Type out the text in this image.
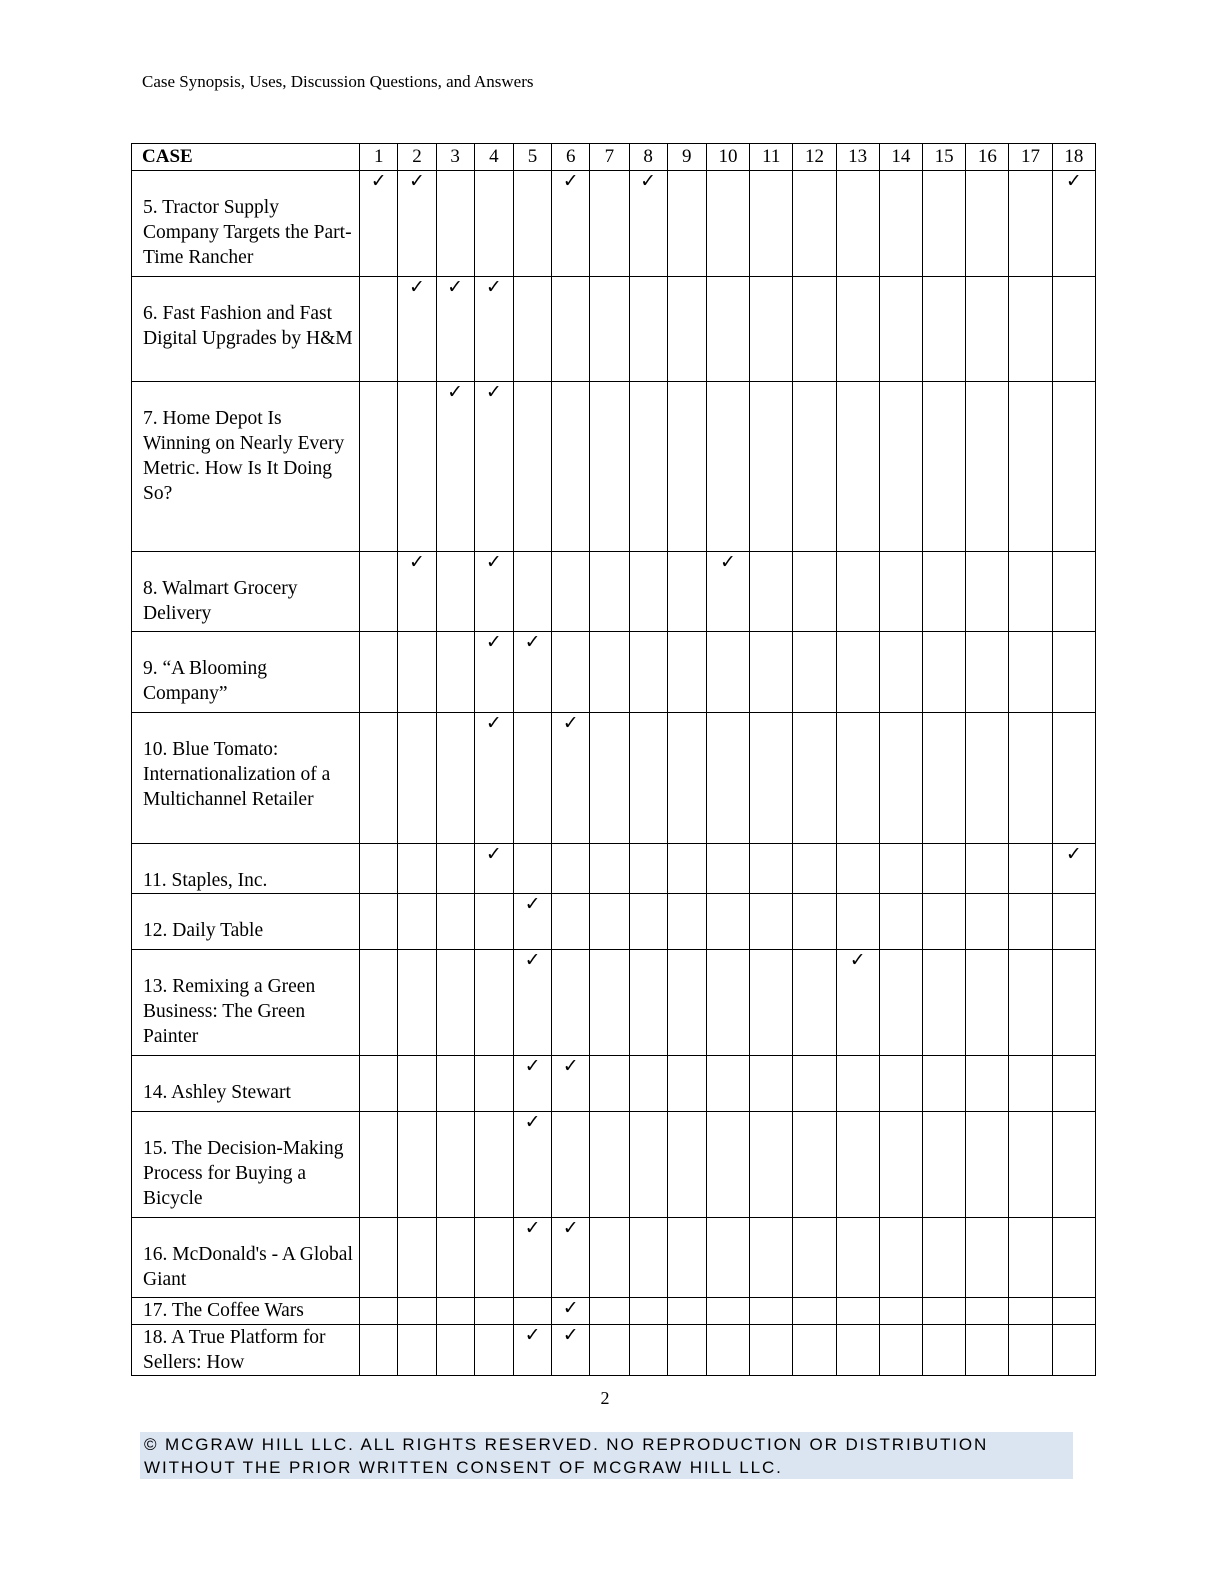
Case Synopsis, Uses, Discussion Questions, and Answers
CASE	1	2	3	4	5	6	7	8	9	10	11	12	13	14	15	16	17	18

5. Tractor Supply Company Targets the Part-Time Rancher	✓	✓				✓		✓										✓

6. Fast Fashion and Fast Digital Upgrades by H&M		✓	✓	✓														

7. Home Depot Is Winning on Nearly Every Metric. How Is It Doing So?			✓	✓														

8. Walmart Grocery Delivery		✓		✓						✓								

9. “A Blooming Company”				✓	✓													

10. Blue Tomato: Internationalization of a Multichannel Retailer				✓		✓												

11. Staples, Inc.				✓														✓

12. Daily Table					✓													

13. Remixing a Green Business: The Green Painter					✓								✓					

14. Ashley Stewart					✓	✓												

15. The Decision-Making Process for Buying a Bicycle					✓													

16. McDonald's - A Global Giant					✓	✓												

17. The Coffee Wars						✓												

18. A True Platform for Sellers: How					✓	✓												
2
© MCGRAW HILL LLC. ALL RIGHTS RESERVED. NO REPRODUCTION OR DISTRIBUTION
WITHOUT THE PRIOR WRITTEN CONSENT OF MCGRAW HILL LLC.
